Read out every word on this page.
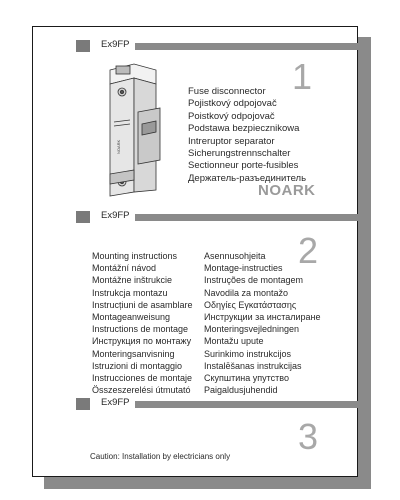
Ex9FP
1
NOARK
Fuse disconnector
Pojistkový odpojovač
Poistkový odpojovač
Podstawa bezpiecznikowa
Intreruptor separator
Sicherungstrennschalter
Sectionneur porte-fusibles
Держатель-разъединитель
NOARK
Ex9FP
2
Mounting instructions
Montážní návod
Montážne inštrukcie
Instrukcja montazu
Instrucțiuni de asamblare
Montageanweisung
Instructions de montage
Инструкция по монтажу
Monteringsanvisning
Istruzioni di montaggio
Instrucciones de montaje
Összeszerelési útmutató
Asennusohjeita
Montage-instructies
Instruções de montagem
Navodila za montažo
Οδηγίες Εγκατάστασης
Инструкции за инсталиране
Monteringsvejledningen
Montažu upute
Surinkimo instrukcijos
Instalēšanas instrukcijas
Скупштина упутство
Paigaldusjuhendid
Ex9FP
3
Caution: Installation by electricians only
